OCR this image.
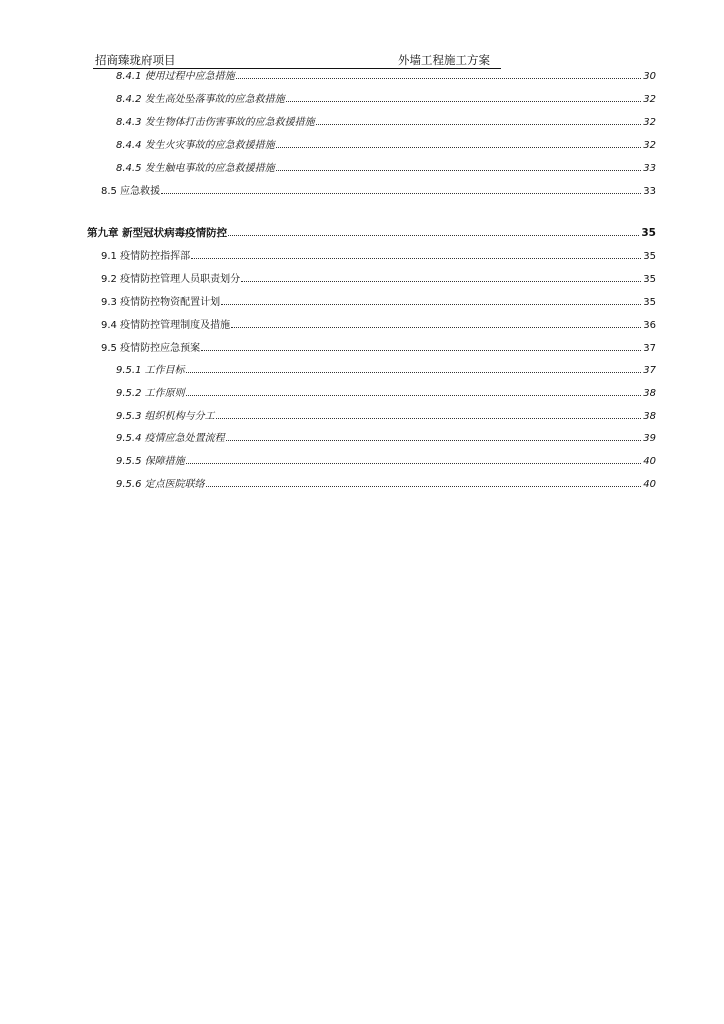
招商臻珑府项目	外墙工程施工方案
8.4.1 使用过程中应急措施	30
8.4.2 发生高处坠落事故的应急救措施	32
8.4.3 发生物体打击伤害事故的应急救援措施	32
8.4.4 发生火灾事故的应急救援措施	32
8.4.5 发生触电事故的应急救援措施	33
8.5 应急救援	33
第九章 新型冠状病毒疫情防控	35
9.1 疫情防控指挥部	35
9.2 疫情防控管理人员职责划分	35
9.3 疫情防控物资配置计划	35
9.4 疫情防控管理制度及措施	36
9.5 疫情防控应急预案	37
9.5.1 工作目标	37
9.5.2 工作原则	38
9.5.3 组织机构与分工	38
9.5.4 疫情应急处置流程	39
9.5.5 保障措施	40
9.5.6 定点医院联络	40
